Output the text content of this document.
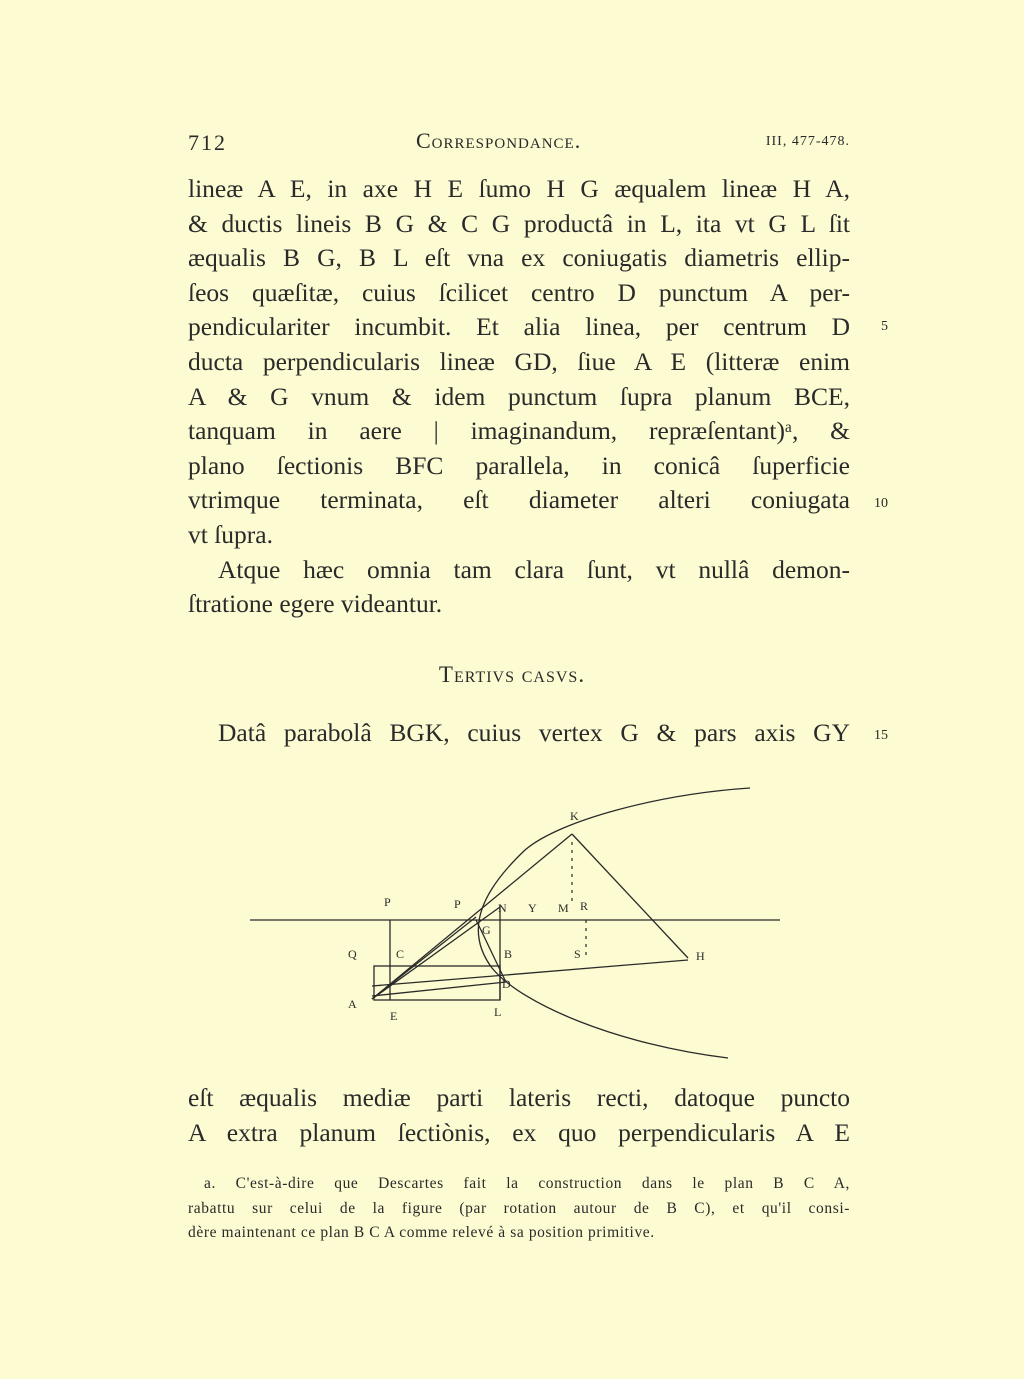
712	Correspondance.	III, 477-478.
lineæ A E, in axe H E ſumo H G æqualem lineæ H A,
& ductis lineis B G & C G productâ in L, ita vt G L ſit
æqualis B G, B L eſt vna ex coniugatis diametris ellip-
ſeos quæſitæ, cuius ſcilicet centro D punctum A per-
pendiculariter incumbit. Et alia linea, per centrum D
ducta perpendicularis lineæ GD, ſiue A E (litteræ enim
A & G vnum & idem punctum ſupra planum BCE,
tanquam in aere | imaginandum, repræſentant)ᵃ, &
plano ſectionis BFC parallela, in conicâ ſuperficie
vtrimque terminata, eſt diameter alteri coniugata
vt ſupra.
Atque hæc omnia tam clara ſunt, vt nullâ demon-
ſtratione egere videantur.
5
10
Tertivs casvs.
Datâ parabolâ BGK, cuius vertex G & pars axis GY 15
K
P	P	N Y M R
G
Q	C	B	S	H
A
D
E	L
eſt æqualis mediæ parti lateris recti, datoque puncto
A extra planum ſectiònis, ex quo perpendicularis A E
a. C'est-à-dire que Descartes fait la construction dans le plan B C A,
rabattu sur celui de la figure (par rotation autour de B C), et qu'il consi-
dère maintenant ce plan B C A comme relevé à sa position primitive.
